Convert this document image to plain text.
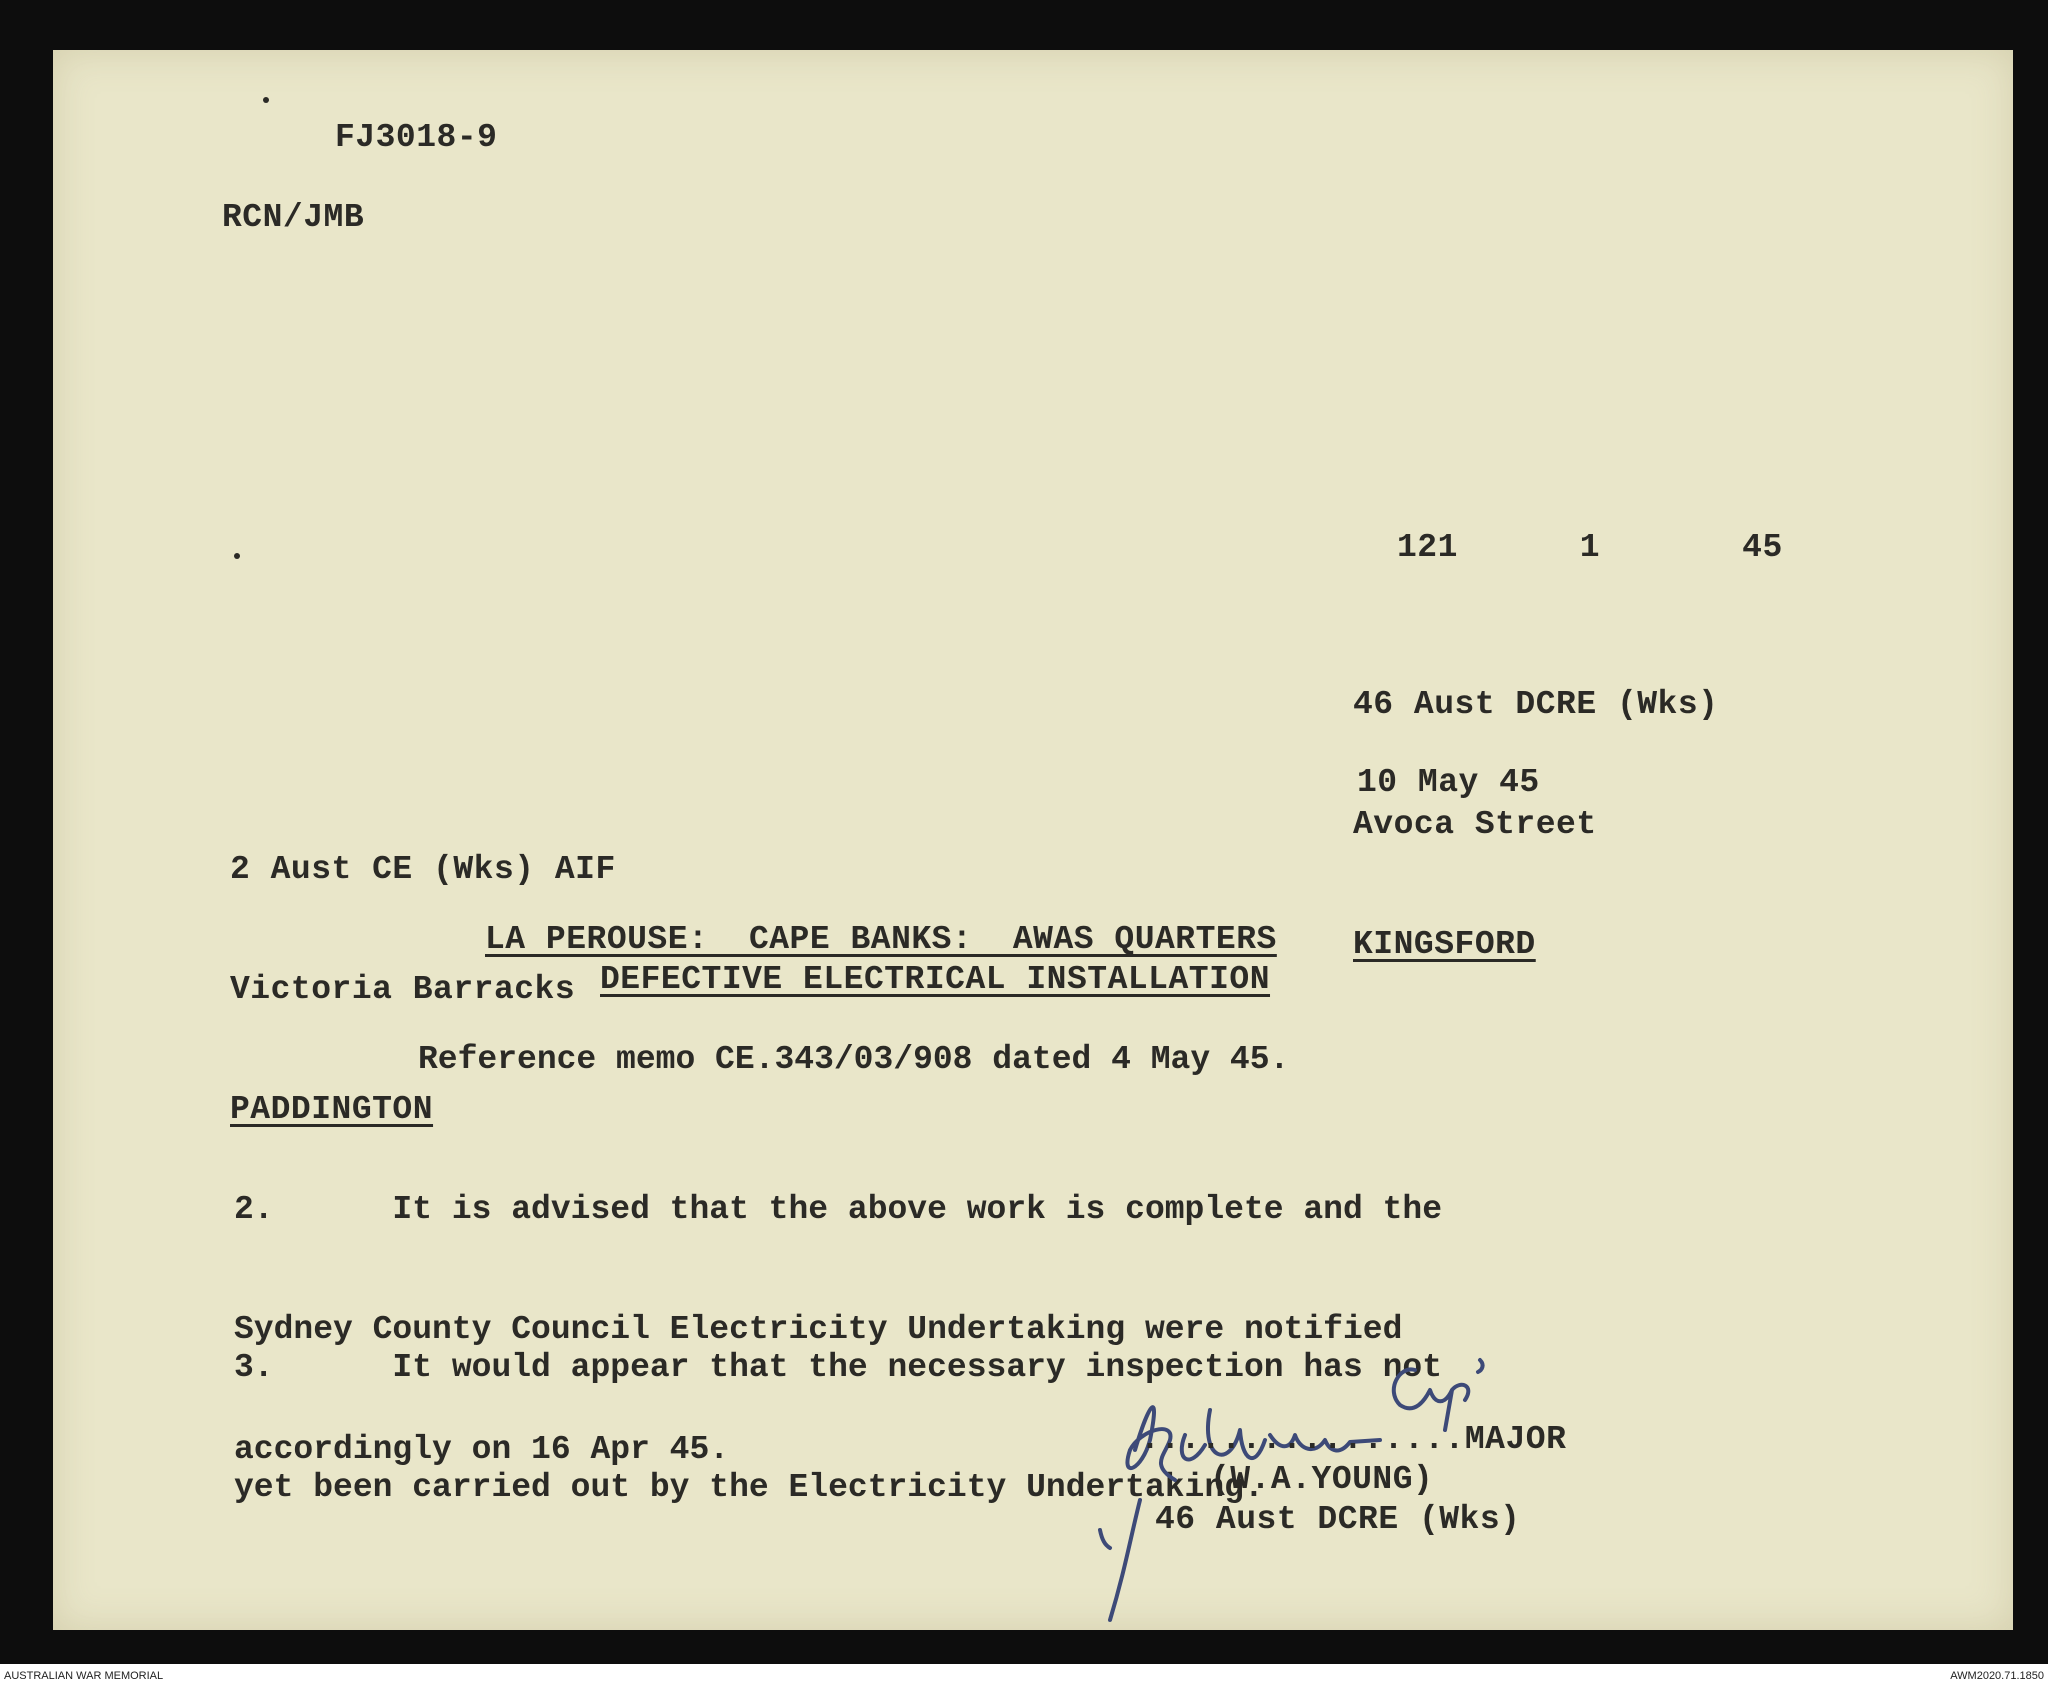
FJ3018-9
RCN/JMB
121      1       45

46 Aust DCRE (Wks)

Avoca Street

KINGSFORD

10 May 45

2 Aust CE (Wks) AIF

Victoria Barracks

PADDINGTON

LA PEROUSE:  CAPE BANKS:  AWAS QUARTERS
DEFECTIVE ELECTRICAL INSTALLATION
Reference memo CE.343/03/908 dated 4 May 45.

2.      It is advised that the above work is complete and the

Sydney County Council Electricity Undertaking were notified

accordingly on 16 Apr 45.

3.      It would appear that the necessary inspection has not

yet been carried out by the Electricity Undertaking.

................MAJOR
(W.A.YOUNG)
46 Aust DCRE (Wks)
AUSTRALIAN WAR MEMORIAL	AWM2020.71.1850
